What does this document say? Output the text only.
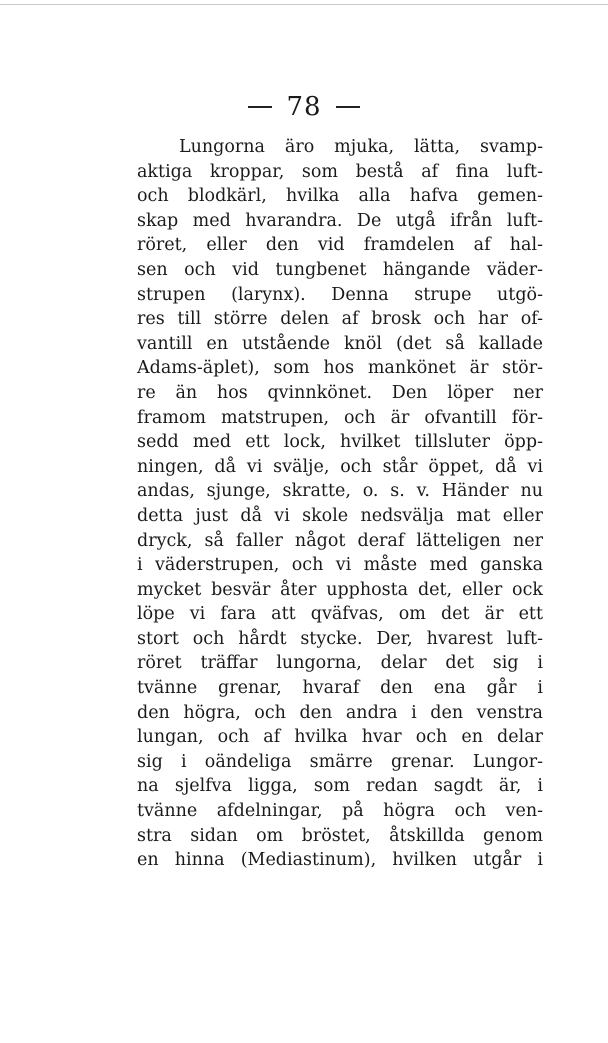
78
Lungorna äro mjuka, lätta, svamp-
aktiga kroppar, som bestå af fina luft-
och blodkärl, hvilka alla hafva gemen-
skap med hvarandra. De utgå ifrån luft-
röret, eller den vid framdelen af hal-
sen och vid tungbenet hängande väder-
strupen (larynx). Denna strupe utgö-
res till större delen af brosk och har of-
vantill en utstående knöl (det så kallade
Adams-äplet), som hos mankönet är stör-
re än hos qvinnkönet. Den löper ner
framom matstrupen, och är ofvantill för-
sedd med ett lock, hvilket tillsluter öpp-
ningen, då vi svälje, och står öppet, då vi
andas, sjunge, skratte, o. s. v. Händer nu
detta just då vi skole nedsvälja mat eller
dryck, så faller något deraf lätteligen ner
i väderstrupen, och vi måste med ganska
mycket besvär åter upphosta det, eller ock
löpe vi fara att qväfvas, om det är ett
stort och hårdt stycke. Der, hvarest luft-
röret träffar lungorna, delar det sig i
tvänne grenar, hvaraf den ena går i
den högra, och den andra i den venstra
lungan, och af hvilka hvar och en delar
sig i oändeliga smärre grenar. Lungor-
na sjelfva ligga, som redan sagdt är, i
tvänne afdelningar, på högra och ven-
stra sidan om bröstet, åtskillda genom
en hinna (Mediastinum), hvilken utgår i
